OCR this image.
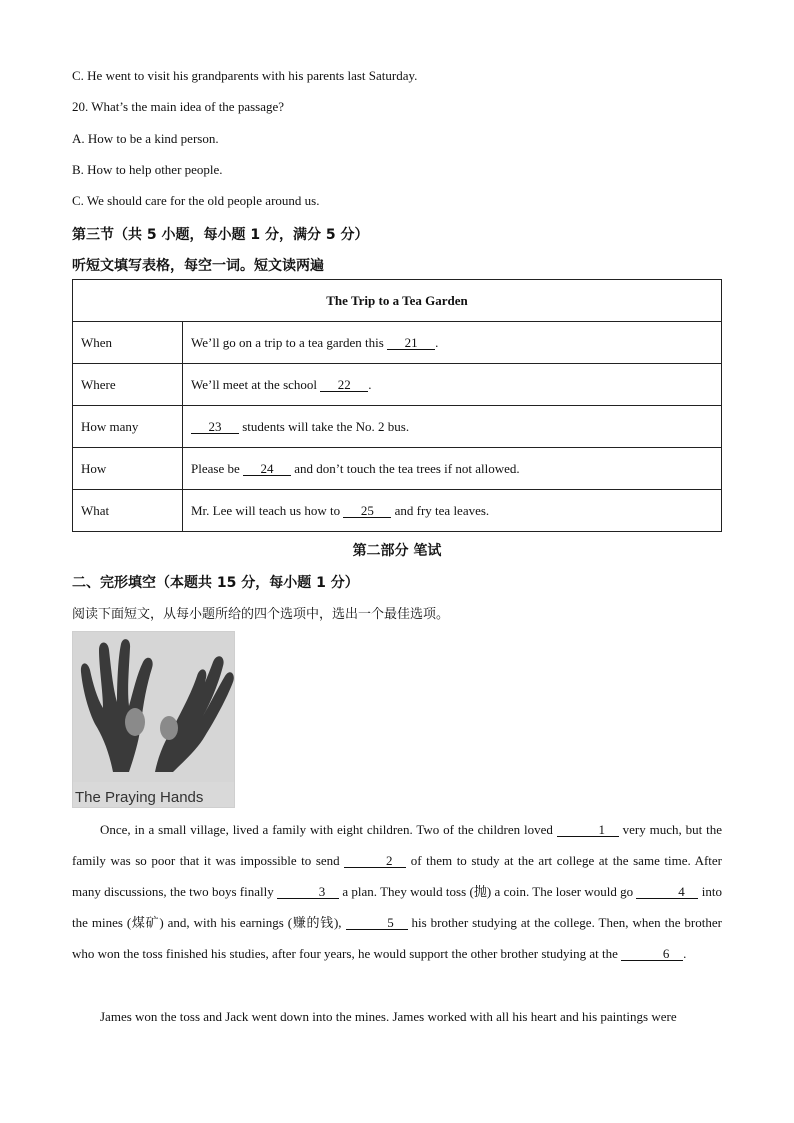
C. He went to visit his grandparents with his parents last Saturday.
20. What’s the main idea of the passage?
A. How to be a kind person.
B. How to help other people.
C. We should care for the old people around us.
第三节（共 5 小题，每小题 1 分，满分 5 分）
听短文填写表格，每空一词。短文读两遍
The Trip to a Tea Garden	
When	We’ll go on a trip to a tea garden this 21 .
Where	We’ll meet at the school 22 .
How many	23 students will take the No. 2 bus.
How	Please be 24 and don’t touch the tea trees if not allowed.
What	Mr. Lee will teach us how to 25 and fry tea leaves.
第二部分 笔试
二、完形填空（本题共 15 分，每小题 1 分）
阅读下面短文，从每小题所给的四个选项中，选出一个最佳选项。
The Praying Hands
Once, in a small village, lived a family with eight children. Two of the children loved	1 very much, but the family was so poor that it was impossible to send	2 of them to study at the art college at the same time. After many discussions, the two boys finally	3 a plan. They would toss (抛) a coin. The loser would go	4 into the mines (煤矿) and, with his earnings (赚的钱),	5 his brother studying at the college. Then, when the brother who won the toss finished his studies, after four years, he would support the other brother studying at the	6 .
James won the toss and Jack went down into the mines. James worked with all his heart and his paintings were
